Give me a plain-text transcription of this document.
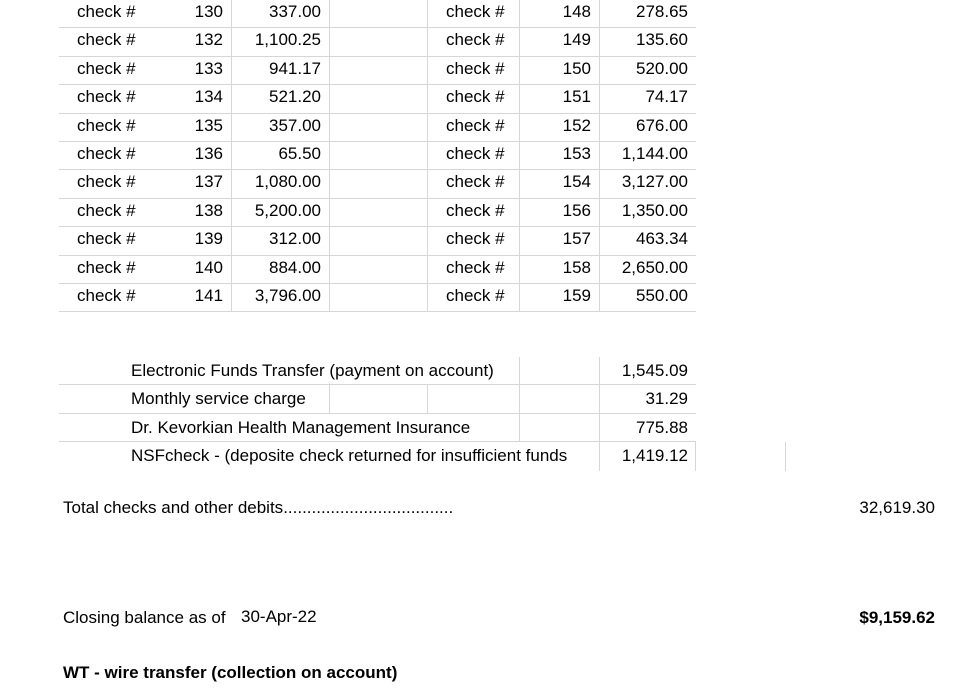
check #	130	337.00	check #	148	278.65
check #	132	1,100.25	check #	149	135.60
check #	133	941.17	check #	150	520.00
check #	134	521.20	check #	151	74.17
check #	135	357.00	check #	152	676.00
check #	136	65.50	check #	153	1,144.00
check #	137	1,080.00	check #	154	3,127.00
check #	138	5,200.00	check #	156	1,350.00
check #	139	312.00	check #	157	463.34
check #	140	884.00	check #	158	2,650.00
check #	141	3,796.00	check #	159	550.00
Electronic Funds Transfer (payment on account)	1,545.09
Monthly service charge	31.29
Dr. Kevorkian Health Management Insurance	775.88
NSFcheck - (deposite check returned for insufficient funds	1,419.12
Total checks and other debits....................................	32,619.30
Closing balance as of 30-Apr-22	$9,159.62
WT - wire transfer (collection on account)
